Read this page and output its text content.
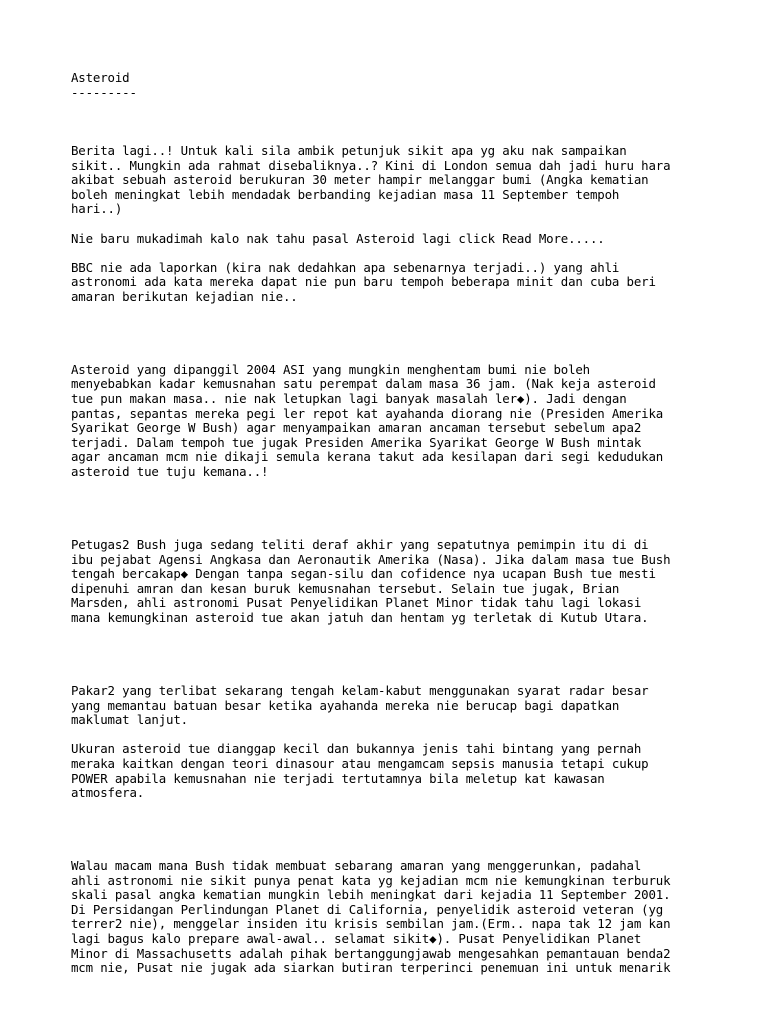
Asteroid
---------
Berita lagi..! Untuk kali sila ambik petunjuk sikit apa yg aku nak sampaikan
sikit.. Mungkin ada rahmat disebaliknya..? Kini di London semua dah jadi huru hara
akibat sebuah asteroid berukuran 30 meter hampir melanggar bumi (Angka kematian
boleh meningkat lebih mendadak berbanding kejadian masa 11 September tempoh
hari..)
Nie baru mukadimah kalo nak tahu pasal Asteroid lagi click Read More.....
BBC nie ada laporkan (kira nak dedahkan apa sebenarnya terjadi..) yang ahli
astronomi ada kata mereka dapat nie pun baru tempoh beberapa minit dan cuba beri
amaran berikutan kejadian nie..
Asteroid yang dipanggil 2004 ASI yang mungkin menghentam bumi nie boleh
menyebabkan kadar kemusnahan satu perempat dalam masa 36 jam. (Nak keja asteroid
tue pun makan masa.. nie nak letupkan lagi banyak masalah ler◆). Jadi dengan
pantas, sepantas mereka pegi ler repot kat ayahanda diorang nie (Presiden Amerika
Syarikat George W Bush) agar menyampaikan amaran ancaman tersebut sebelum apa2
terjadi. Dalam tempoh tue jugak Presiden Amerika Syarikat George W Bush mintak
agar ancaman mcm nie dikaji semula kerana takut ada kesilapan dari segi kedudukan
asteroid tue tuju kemana..!
Petugas2 Bush juga sedang teliti deraf akhir yang sepatutnya pemimpin itu di di
ibu pejabat Agensi Angkasa dan Aeronautik Amerika (Nasa). Jika dalam masa tue Bush
tengah bercakap◆ Dengan tanpa segan-silu dan cofidence nya ucapan Bush tue mesti
dipenuhi amran dan kesan buruk kemusnahan tersebut. Selain tue jugak, Brian
Marsden, ahli astronomi Pusat Penyelidikan Planet Minor tidak tahu lagi lokasi
mana kemungkinan asteroid tue akan jatuh dan hentam yg terletak di Kutub Utara.
Pakar2 yang terlibat sekarang tengah kelam-kabut menggunakan syarat radar besar
yang memantau batuan besar ketika ayahanda mereka nie berucap bagi dapatkan
maklumat lanjut.
Ukuran asteroid tue dianggap kecil dan bukannya jenis tahi bintang yang pernah
meraka kaitkan dengan teori dinasour atau mengamcam sepsis manusia tetapi cukup
POWER apabila kemusnahan nie terjadi tertutamnya bila meletup kat kawasan
atmosfera.
Walau macam mana Bush tidak membuat sebarang amaran yang menggerunkan, padahal
ahli astronomi nie sikit punya penat kata yg kejadian mcm nie kemungkinan terburuk
skali pasal angka kematian mungkin lebih meningkat dari kejadia 11 September 2001.
Di Persidangan Perlindungan Planet di California, penyelidik asteroid veteran (yg
terrer2 nie), menggelar insiden itu krisis sembilan jam.(Erm.. napa tak 12 jam kan
lagi bagus kalo prepare awal-awal.. selamat sikit◆). Pusat Penyelidikan Planet
Minor di Massachusetts adalah pihak bertanggungjawab mengesahkan pemantauan benda2
mcm nie, Pusat nie jugak ada siarkan butiran terperinci penemuan ini untuk menarik
